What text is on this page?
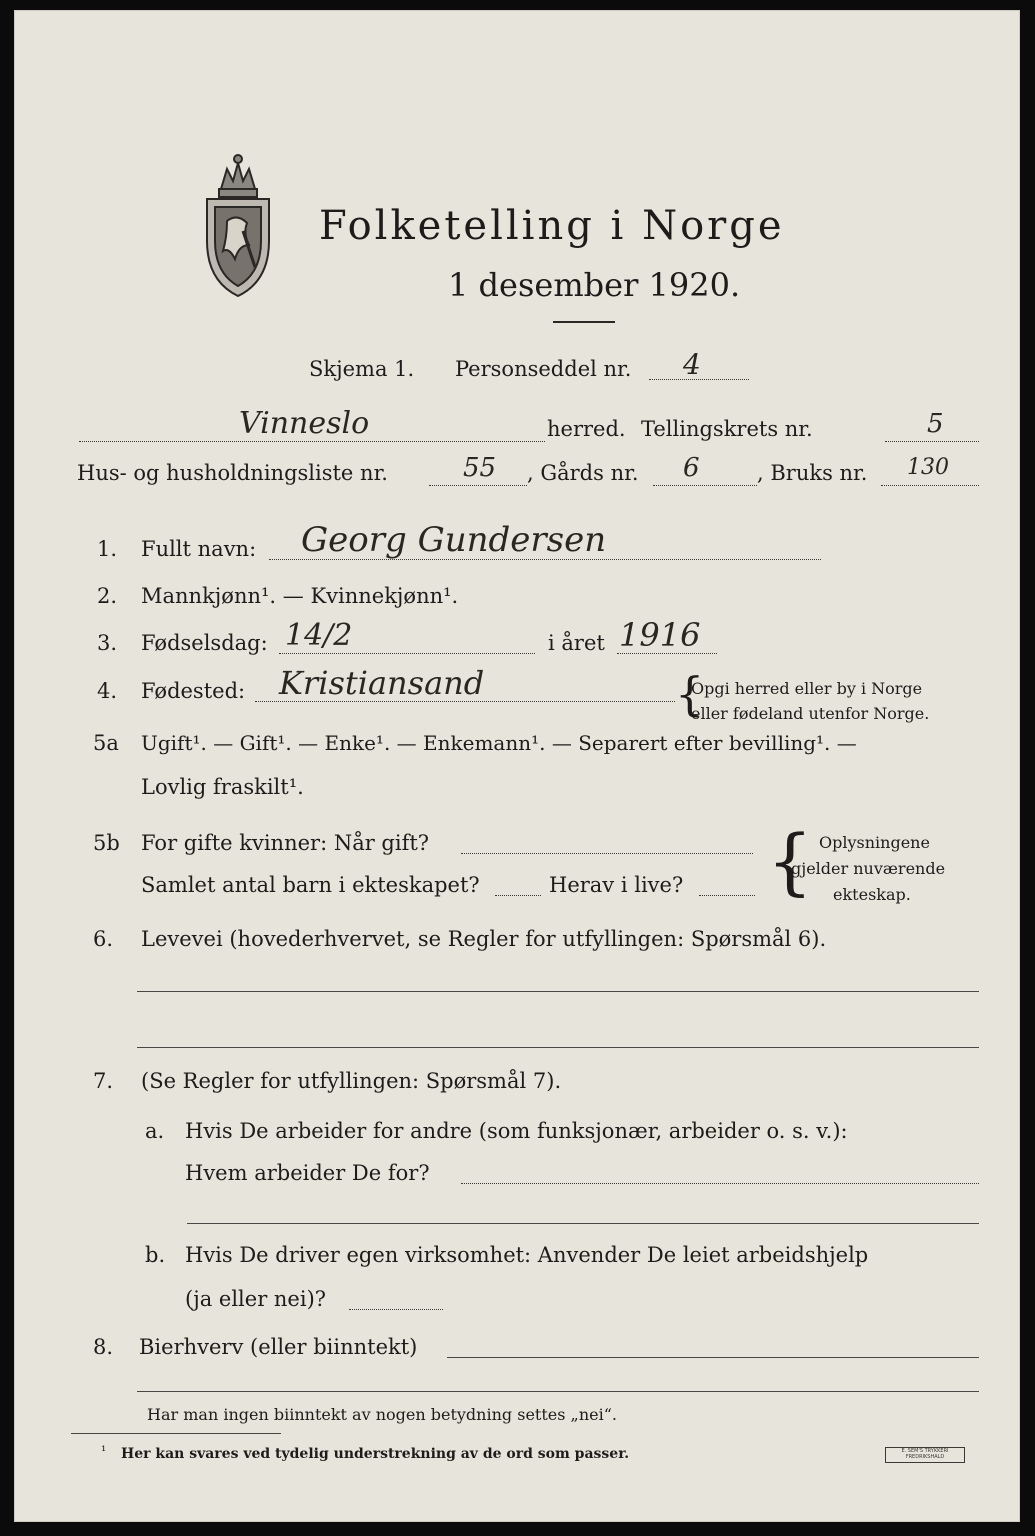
Folketelling i Norge
1 desember 1920.
Skjema 1. Personseddel nr. 4
Vinneslo	herred. Tellingskrets nr.	5
Hus- og husholdningsliste nr.	55 , Gårds nr. 6	, Bruks nr. 130
1. Fullt navn: Georg Gundersen
2. Mannkjønn¹. — Kvinnekjønn¹.
3. Fødselsdag: 14/2	i året 1916
4. Fødested: Kristiansand	{
Opgi herred eller by i Norge
eller fødeland utenfor Norge.
5a Ugift¹. — Gift¹. — Enke¹. — Enkemann¹. — Separert efter bevilling¹. —
Lovlig fraskilt¹.
5b For gifte kvinner: Når gift?
Samlet antal barn i ekteskapet?	Herav i live? { Oplysningene
gjelder nuværende
ekteskap.
6. Levevei (hovederhvervet, se Regler for utfyllingen: Spørsmål 6).
7. (Se Regler for utfyllingen: Spørsmål 7).
a. Hvis De arbeider for andre (som funksjonær, arbeider o. s. v.):
Hvem arbeider De for?
b. Hvis De driver egen virksomhet: Anvender De leiet arbeidshjelp
(ja eller nei)?
8. Bierhverv (eller biinntekt)
Har man ingen biinntekt av nogen betydning settes „nei“.
¹ Her kan svares ved tydelig understrekning av de ord som passer.	E. SEM'S TRYKKERI FREDRIKSHALD
